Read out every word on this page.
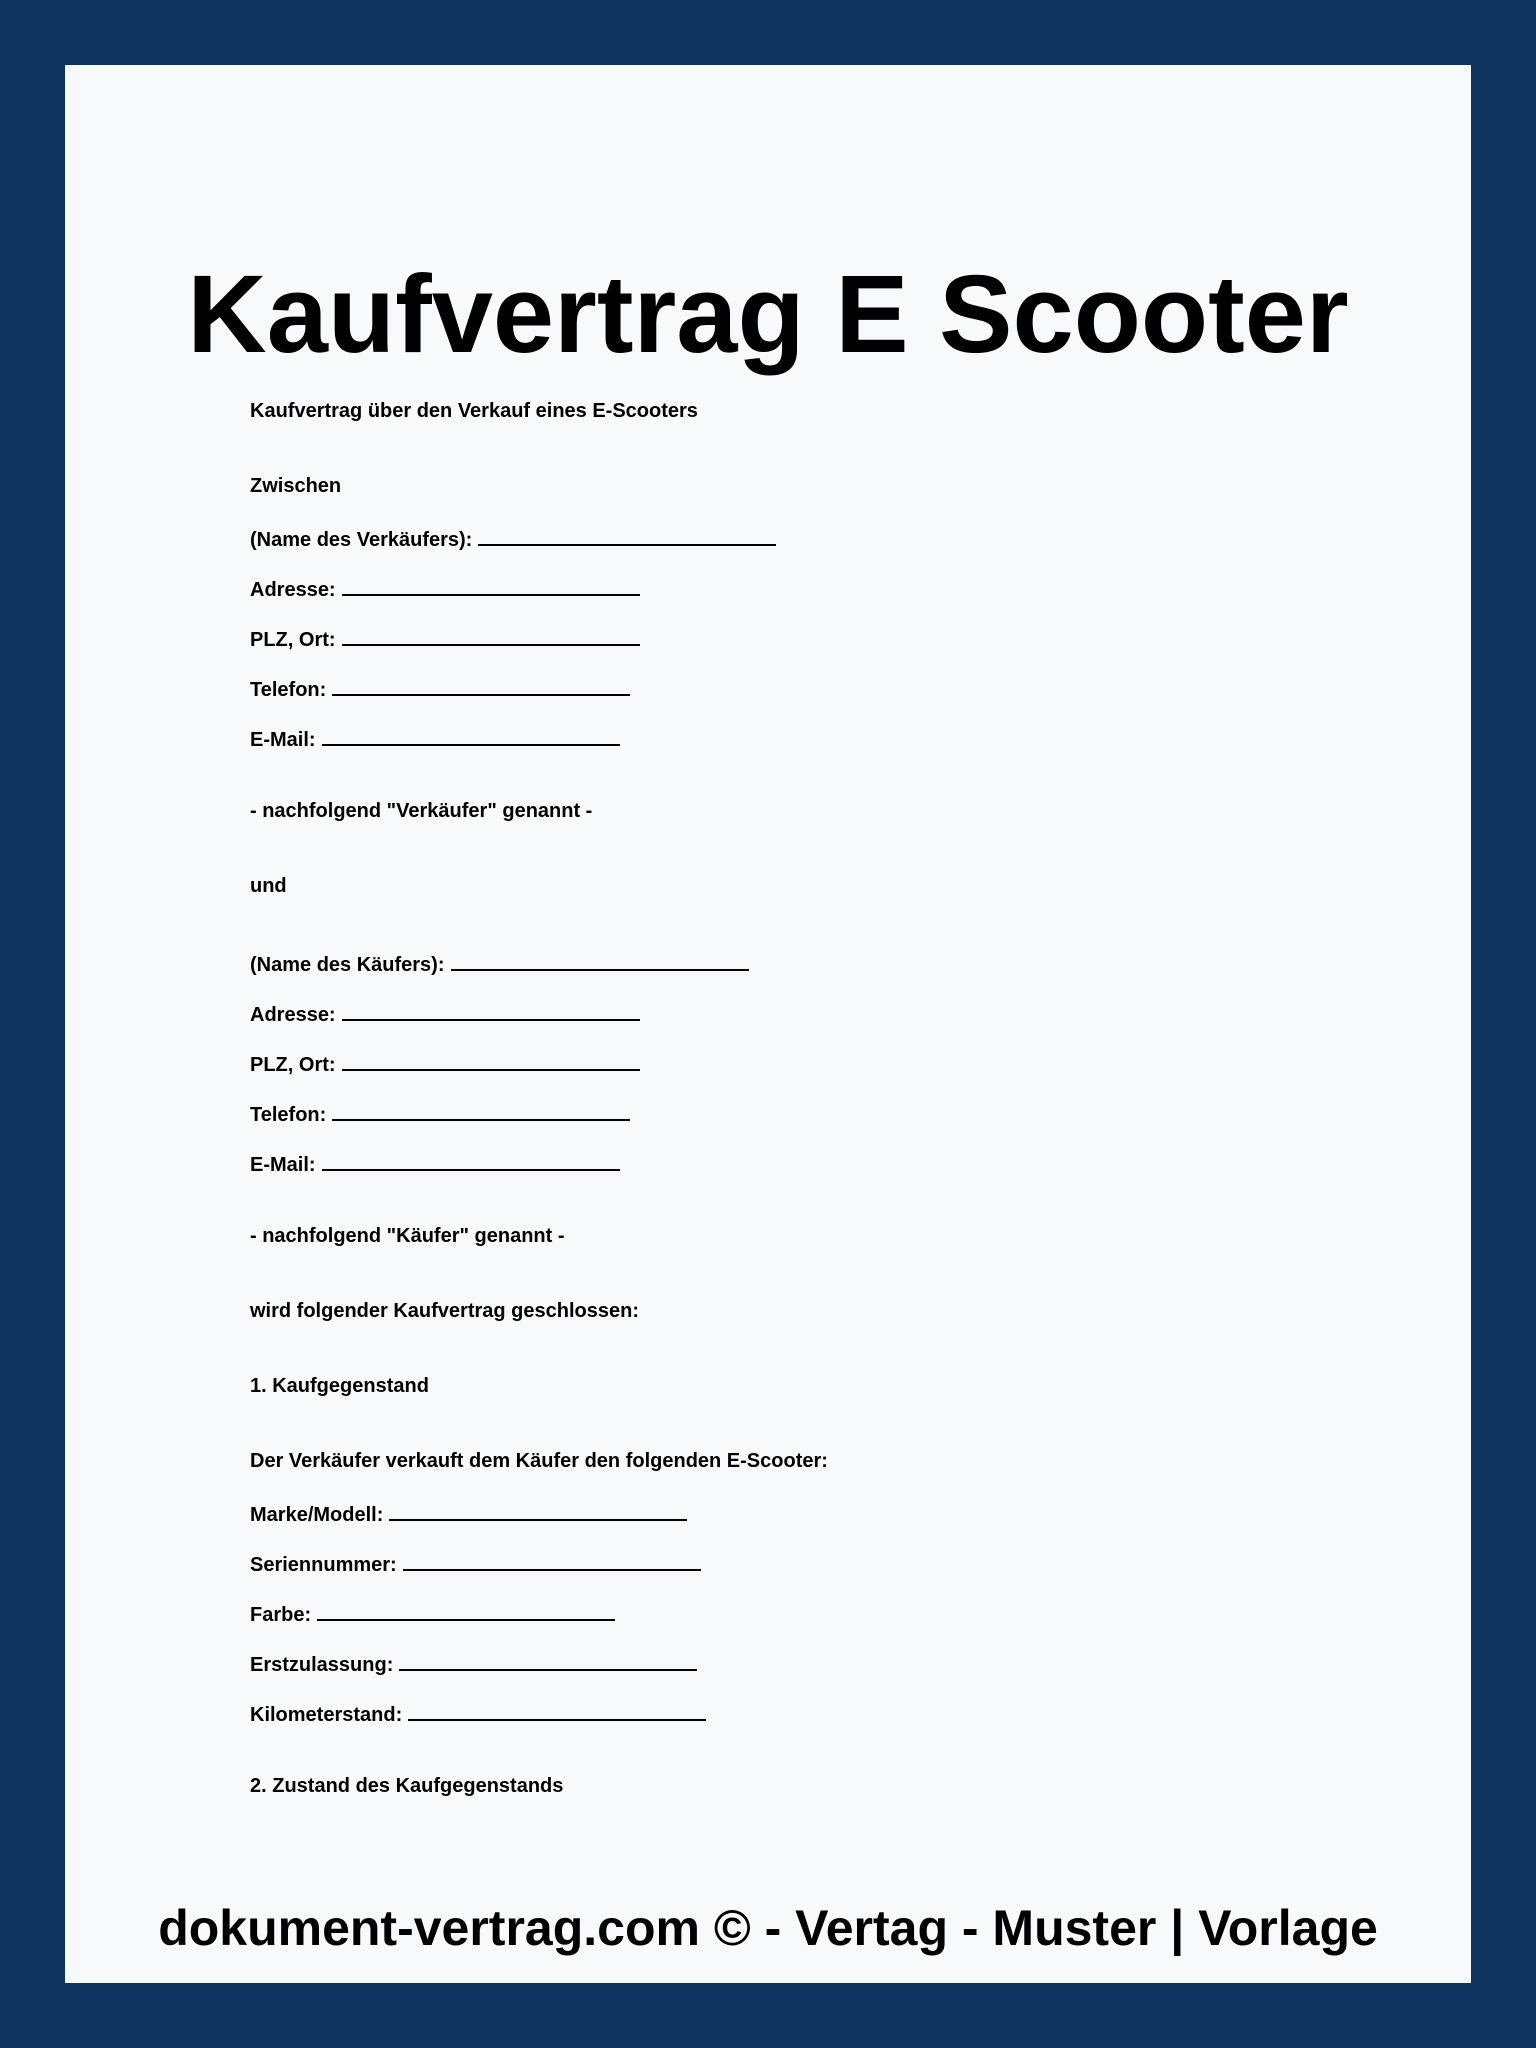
Kaufvertrag E Scooter

Kaufvertrag über den Verkauf eines E-Scooters

Zwischen

(Name des Verkäufers):

Adresse:

PLZ, Ort:

Telefon:

E-Mail:

- nachfolgend "Verkäufer" genannt -

und

(Name des Käufers):

Adresse:

PLZ, Ort:

Telefon:

E-Mail:

- nachfolgend "Käufer" genannt -

wird folgender Kaufvertrag geschlossen:

1. Kaufgegenstand

Der Verkäufer verkauft dem Käufer den folgenden E-Scooter:

Marke/Modell:

Seriennummer:

Farbe:

Erstzulassung:

Kilometerstand:

2. Zustand des Kaufgegenstands

dokument-vertrag.com © - Vertag - Muster | Vorlage
